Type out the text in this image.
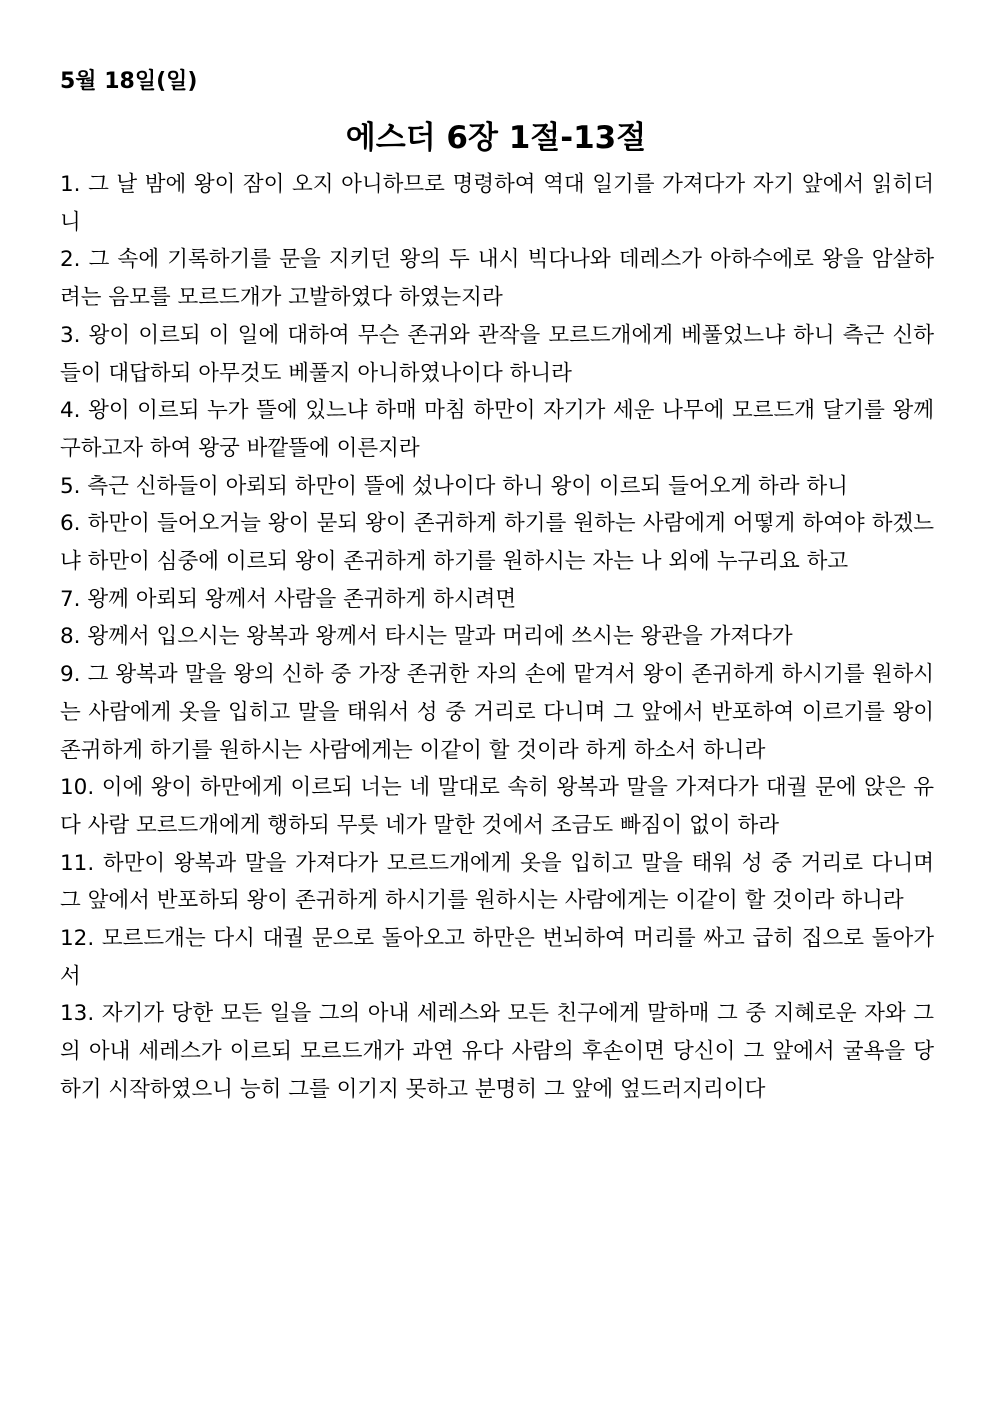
5월 18일(일)
에스더 6장 1절-13절
1. 그 날 밤에 왕이 잠이 오지 아니하므로 명령하여 역대 일기를 가져다가 자기 앞에서 읽히더니
2. 그 속에 기록하기를 문을 지키던 왕의 두 내시 빅다나와 데레스가 아하수에로 왕을 암살하려는 음모를 모르드개가 고발하였다 하였는지라
3. 왕이 이르되 이 일에 대하여 무슨 존귀와 관작을 모르드개에게 베풀었느냐 하니 측근 신하들이 대답하되 아무것도 베풀지 아니하였나이다 하니라
4. 왕이 이르되 누가 뜰에 있느냐 하매 마침 하만이 자기가 세운 나무에 모르드개 달기를 왕께 구하고자 하여 왕궁 바깥뜰에 이른지라
5. 측근 신하들이 아뢰되 하만이 뜰에 섰나이다 하니 왕이 이르되 들어오게 하라 하니
6. 하만이 들어오거늘 왕이 묻되 왕이 존귀하게 하기를 원하는 사람에게 어떻게 하여야 하겠느냐 하만이 심중에 이르되 왕이 존귀하게 하기를 원하시는 자는 나 외에 누구리요 하고
7. 왕께 아뢰되 왕께서 사람을 존귀하게 하시려면
8. 왕께서 입으시는 왕복과 왕께서 타시는 말과 머리에 쓰시는 왕관을 가져다가
9. 그 왕복과 말을 왕의 신하 중 가장 존귀한 자의 손에 맡겨서 왕이 존귀하게 하시기를 원하시는 사람에게 옷을 입히고 말을 태워서 성 중 거리로 다니며 그 앞에서 반포하여 이르기를 왕이 존귀하게 하기를 원하시는 사람에게는 이같이 할 것이라 하게 하소서 하니라
10. 이에 왕이 하만에게 이르되 너는 네 말대로 속히 왕복과 말을 가져다가 대궐 문에 앉은 유다 사람 모르드개에게 행하되 무릇 네가 말한 것에서 조금도 빠짐이 없이 하라
11. 하만이 왕복과 말을 가져다가 모르드개에게 옷을 입히고 말을 태워 성 중 거리로 다니며 그 앞에서 반포하되 왕이 존귀하게 하시기를 원하시는 사람에게는 이같이 할 것이라 하니라
12. 모르드개는 다시 대궐 문으로 돌아오고 하만은 번뇌하여 머리를 싸고 급히 집으로 돌아가서
13. 자기가 당한 모든 일을 그의 아내 세레스와 모든 친구에게 말하매 그 중 지혜로운 자와 그의 아내 세레스가 이르되 모르드개가 과연 유다 사람의 후손이면 당신이 그 앞에서 굴욕을 당하기 시작하였으니 능히 그를 이기지 못하고 분명히 그 앞에 엎드러지리이다
